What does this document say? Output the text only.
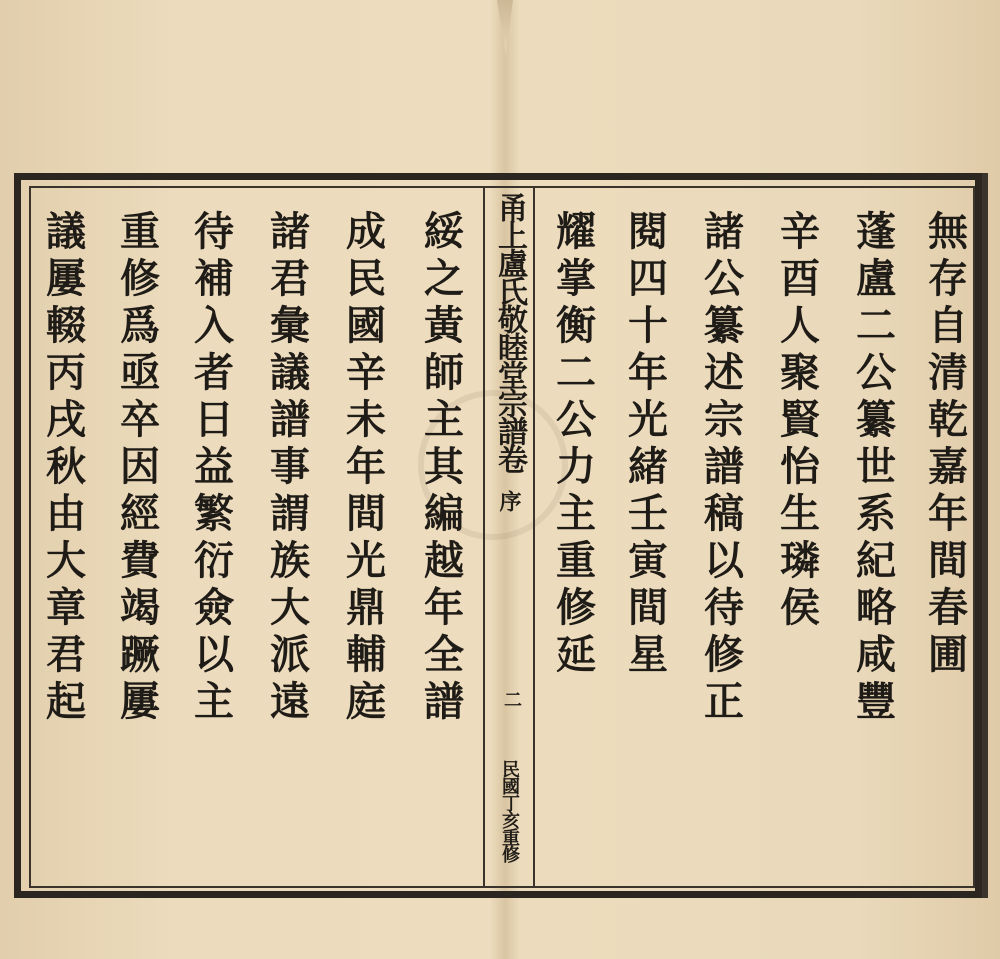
甬上盧氏敬睦堂宗譜卷
序
二
民國丁亥重修
無
存
自
清
乾
嘉
年
間
春
圃
蓬
盧
二
公
纂
世
系
紀
略
咸
豐
辛
酉
人
聚
賢
怡
生
璘
侯
諸
公
纂
述
宗
譜
稿
以
待
修
正
閱
四
十
年
光
緒
壬
寅
間
星
耀
掌
衡
二
公
力
主
重
修
延
綏
之
黃
師
主
其
編
越
年
全
譜
成
民
國
辛
未
年
間
光
鼎
輔
庭
諸
君
彙
議
譜
事
謂
族
大
派
遠
待
補
入
者
日
益
繁
衍
僉
以
主
重
修
爲
亟
卒
因
經
費
竭
蹶
屢
議
屢
輟
丙
戌
秋
由
大
章
君
起
